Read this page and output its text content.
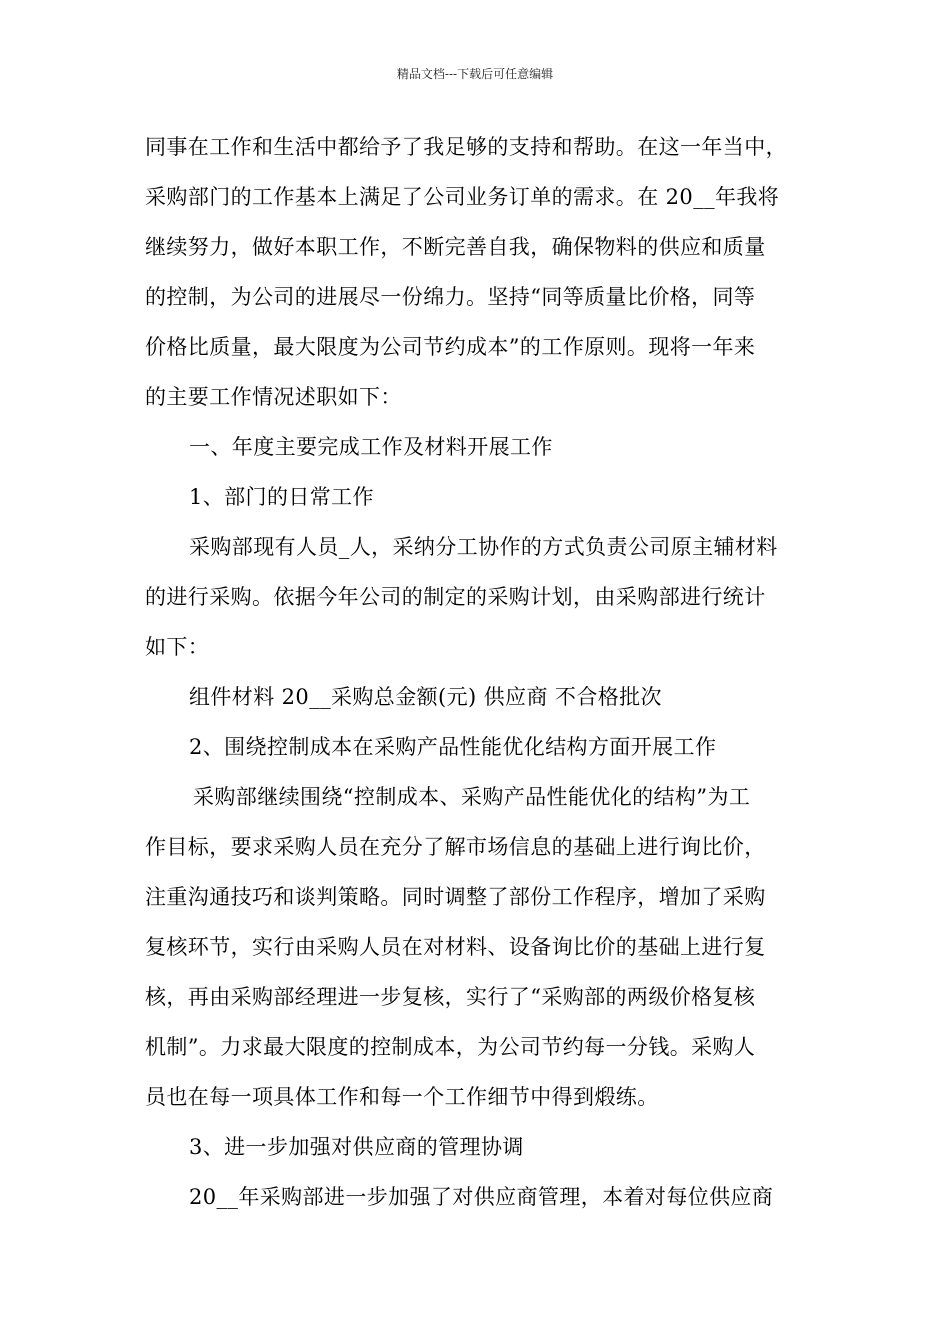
精品文档---下载后可任意编辑
同事在工作和生活中都给予了我足够的支持和帮助。在这一年当中，
采购部门的工作基本上满足了公司业务订单的需求。在 20__年我将
继续努力，做好本职工作，不断完善自我，确保物料的供应和质量
的控制，为公司的进展尽一份绵力。坚持“同等质量比价格，同等
价格比质量，最大限度为公司节约成本”的工作原则。现将一年来
的主要工作情况述职如下：
一、年度主要完成工作及材料开展工作
1、部门的日常工作
采购部现有人员_人，采纳分工协作的方式负责公司原主辅材料
的进行采购。依据今年公司的制定的采购计划，由采购部进行统计
如下：
组件材料 20__采购总金额(元) 供应商 不合格批次
2、围绕控制成本在采购产品性能优化结构方面开展工作
采购部继续围绕“控制成本、采购产品性能优化的结构”为工
作目标，要求采购人员在充分了解市场信息的基础上进行询比价，
注重沟通技巧和谈判策略。同时调整了部份工作程序，增加了采购
复核环节，实行由采购人员在对材料、设备询比价的基础上进行复
核，再由采购部经理进一步复核，实行了“采购部的两级价格复核
机制”。力求最大限度的控制成本，为公司节约每一分钱。采购人
员也在每一项具体工作和每一个工作细节中得到煅练。
3、进一步加强对供应商的管理协调
20__年采购部进一步加强了对供应商管理，本着对每位供应商
